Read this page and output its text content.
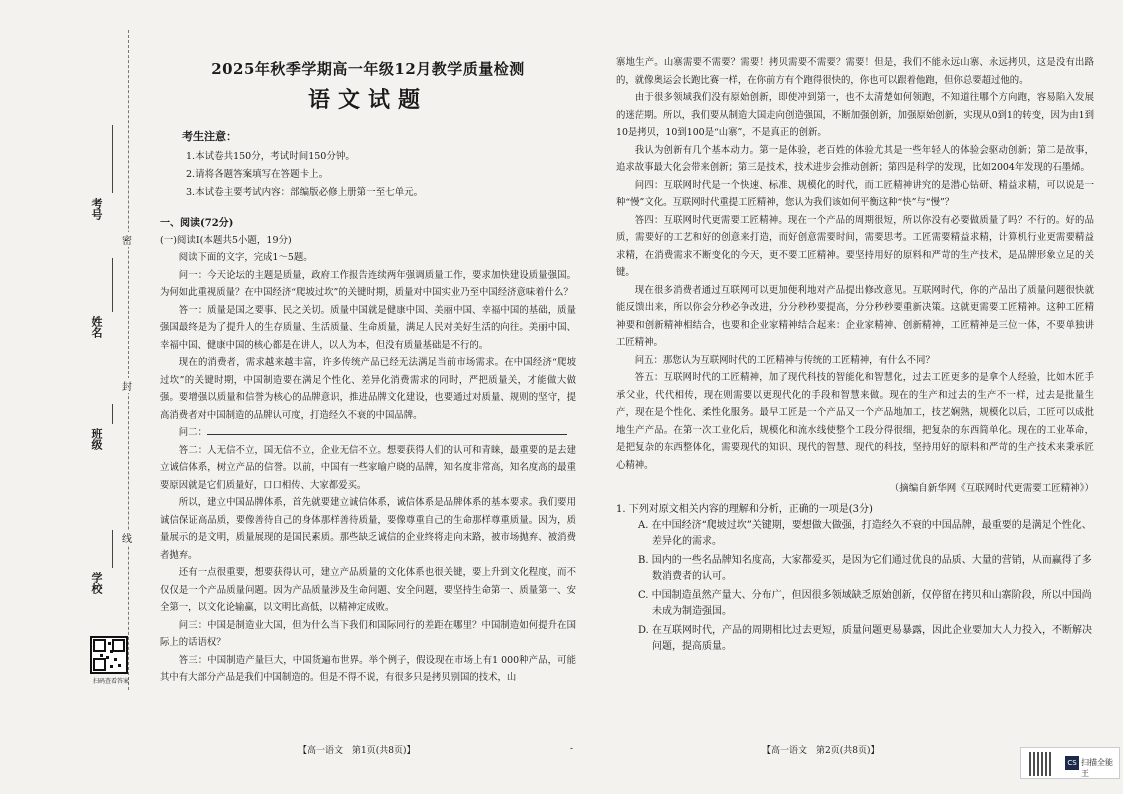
密
封
线
考号
姓名
班级
学校
扫码查看答案
2025年秋季学期高一年级12月教学质量检测
语文试题
考生注意：
1.本试卷共150分，考试时间150分钟。
2.请将各题答案填写在答题卡上。
3.本试卷主要考试内容：部编版必修上册第一至七单元。
一、阅读(72分)
(一)阅读Ⅰ(本题共5小题，19分)

阅读下面的文字，完成1～5题。

问一：今天论坛的主题是质量，政府工作报告连续两年强调质量工作，要求加快建设质量强国。为何如此重视质量？在中国经济“爬坡过坎”的关键时期，质量对中国实业乃至中国经济意味着什么？

答一：质量是国之要事、民之关切。质量中国就是健康中国、美丽中国、幸福中国的基础，质量强国最终是为了提升人的生存质量、生活质量、生命质量，满足人民对美好生活的向往。美丽中国、幸福中国、健康中国的核心都是在讲人，以人为本，但没有质量基础是不行的。

现在的消费者，需求越来越丰富，许多传统产品已经无法满足当前市场需求。在中国经济“爬坡过坎”的关键时期，中国制造要在满足个性化、差异化消费需求的同时，严把质量关，才能做大做强。要增强以质量和信誉为核心的品牌意识，推进品牌文化建设，也要通过对质量、规则的坚守，提高消费者对中国制造的品牌认可度，打造经久不衰的中国品牌。

问二：

答二：人无信不立，国无信不立，企业无信不立。想要获得人们的认可和青睐，最重要的是去建立诚信体系，树立产品的信誉。以前，中国有一些家喻户晓的品牌，知名度非常高，知名度高的最重要原因就是它们质量好，口口相传、大家都爱买。

所以，建立中国品牌体系，首先就要建立诚信体系，诚信体系是品牌体系的基本要求。我们要用诚信保证高品质，要像善待自己的身体那样善待质量，要像尊重自己的生命那样尊重质量。因为，质量展示的是文明，质量展现的是国民素质。那些缺乏诚信的企业终将走向末路，被市场抛弃、被消费者抛弃。

还有一点很重要，想要获得认可，建立产品质量的文化体系也很关键，要上升到文化程度，而不仅仅是一个产品质量问题。因为产品质量涉及生命问题、安全问题，要坚持生命第一、质量第一、安全第一，以文化论输赢，以文明比高低，以精神定成败。

问三：中国是制造业大国，但为什么当下我们和国际同行的差距在哪里？中国制造如何提升在国际上的话语权？

答三：中国制造产量巨大，中国货遍布世界。举个例子，假设现在市场上有1 000种产品，可能其中有大部分产品是我们中国制造的。但是不得不说，有很多只是拷贝别国的技术，山

【高一语文　第1页(共8页)】	-

寨地生产。山寨需要不需要？需要！拷贝需要不需要？需要！但是，我们不能永远山寨、永远拷贝，这是没有出路的，就像奥运会长跑比赛一样，在你前方有个跑得很快的，你也可以跟着他跑，但你总要超过他的。

由于很多领域我们没有原始创新，即使冲到第一，也不太清楚如何领跑，不知道往哪个方向跑，容易陷入发展的迷茫期。所以，我们要从制造大国走向创造强国，不断加强创新，加强原始创新，实现从0到1的转变，因为由1到10是拷贝，10到100是“山寨”，不是真正的创新。

我认为创新有几个基本动力。第一是体验，老百姓的体验尤其是一些年轻人的体验会驱动创新；第二是故事，追求故事最大化会带来创新；第三是技术，技术进步会推动创新；第四是科学的发现，比如2004年发现的石墨烯。

问四：互联网时代是一个快速、标准、规模化的时代，而工匠精神讲究的是潜心钻研、精益求精，可以说是一种“慢”文化。互联网时代重提工匠精神，您认为我们该如何平衡这种“快”与“慢”？

答四：互联网时代更需要工匠精神。现在一个产品的周期很短，所以你没有必要做质量了吗？不行的。好的品质，需要好的工艺和好的创意来打造，而好创意需要时间，需要思考。工匠需要精益求精，计算机行业更需要精益求精，在消费需求不断变化的今天，更不要工匠精神。要坚持用好的原料和严苛的生产技术，是品牌形象立足的关键。

现在很多消费者通过互联网可以更加便利地对产品提出修改意见。互联网时代，你的产品出了质量问题很快就能反馈出来，所以你会分秒必争改进，分分秒秒要提高，分分秒秒要重新决策。这就更需要工匠精神。这种工匠精神要和创新精神相结合，也要和企业家精神结合起来：企业家精神、创新精神，工匠精神是三位一体，不要单独讲工匠精神。

问五：那您认为互联网时代的工匠精神与传统的工匠精神，有什么不同？

答五：互联网时代的工匠精神，加了现代科技的智能化和智慧化，过去工匠更多的是拿个人经验，比如木匠手承父业，代代相传，现在则需要以更现代化的手段和智慧来做。现在的生产和过去的生产不一样，过去是批量生产，现在是个性化、柔性化服务。最早工匠是一个产品又一个产品地加工，技艺娴熟，规模化以后，工匠可以成批地生产产品。在第一次工业化后，规模化和流水线使整个工段分得很细，把复杂的东西简单化。现在的工业革命，是把复杂的东西整体化，需要现代的知识、现代的智慧、现代的科技，坚持用好的原料和严苛的生产技术来秉承匠心精神。

（摘编自新华网《互联网时代更需要工匠精神》）
1. 下列对原文相关内容的理解和分析，正确的一项是(3分)
A. 在中国经济“爬坡过坎”关键期，要想做大做强，打造经久不衰的中国品牌，最重要的是满足个性化、差异化的需求。
B. 国内的一些名品牌知名度高，大家都爱买，是因为它们通过优良的品质、大量的营销，从而赢得了多数消费者的认可。
C. 中国制造虽然产量大、分布广，但因很多领域缺乏原始创新，仅停留在拷贝和山寨阶段，所以中国尚未成为制造强国。
D. 在互联网时代，产品的周期相比过去更短，质量问题更易暴露，因此企业要加大人力投入，不断解决问题，提高质量。
【高一语文　第2页(共8页)】
CS 扫描全能王
